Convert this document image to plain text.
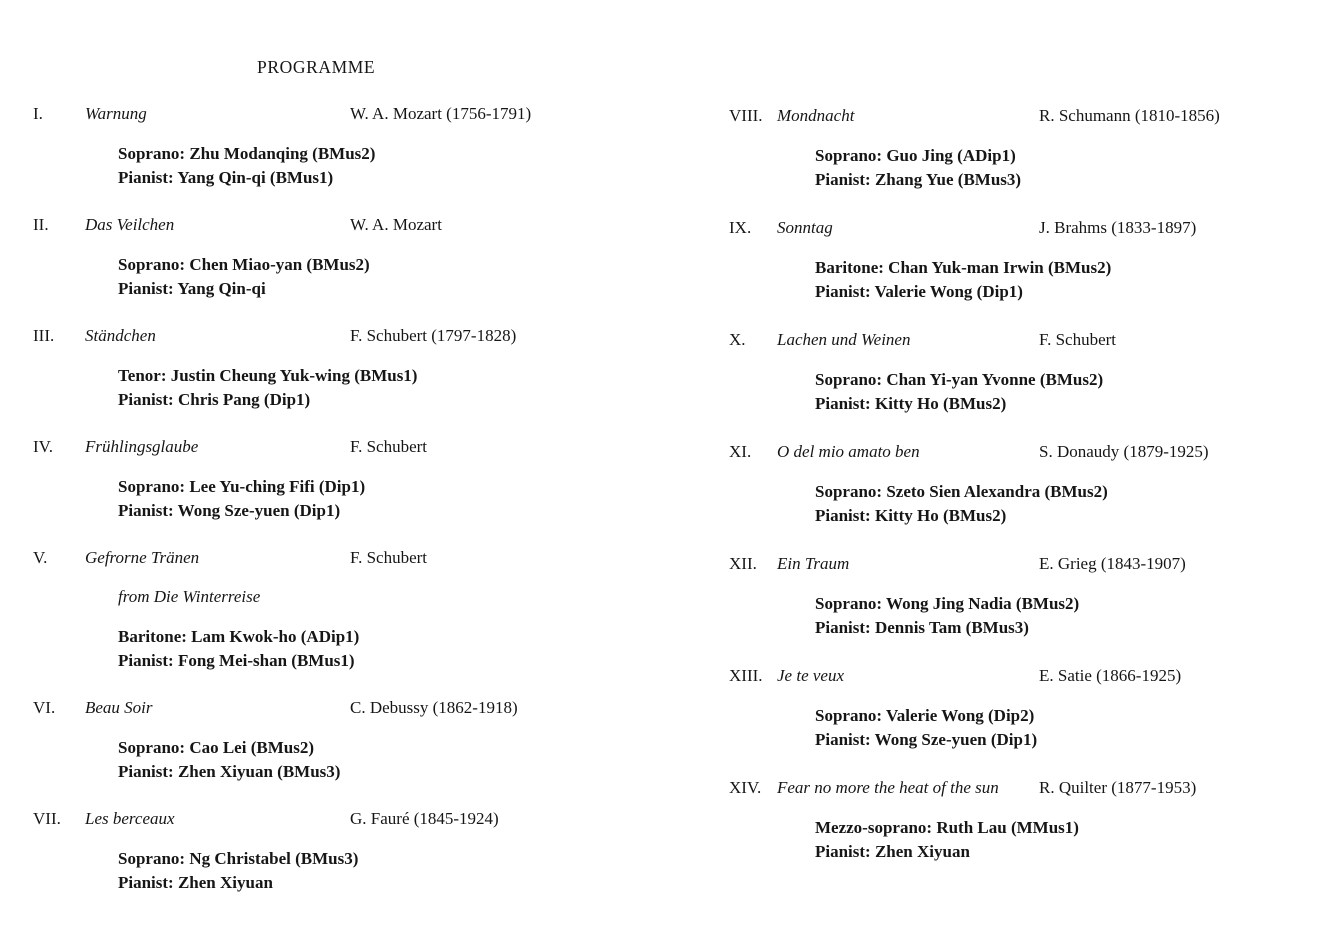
PROGRAMME
I.	Warnung	W. A. Mozart (1756-1791)
Soprano: Zhu Modanqing (BMus2)
Pianist: Yang Qin-qi (BMus1)
II.	Das Veilchen	W. A. Mozart
Soprano: Chen Miao-yan (BMus2)
Pianist: Yang Qin-qi
III.	Ständchen	F. Schubert (1797-1828)
Tenor: Justin Cheung Yuk-wing (BMus1)
Pianist: Chris Pang (Dip1)
IV.	Frühlingsglaube	F. Schubert
Soprano: Lee Yu-ching Fifi (Dip1)
Pianist: Wong Sze-yuen (Dip1)
V.	Gefrorne Tränen	F. Schubert
from Die Winterreise
Baritone: Lam Kwok-ho (ADip1)
Pianist: Fong Mei-shan (BMus1)
VI.	Beau Soir	C. Debussy (1862-1918)
Soprano: Cao Lei (BMus2)
Pianist: Zhen Xiyuan (BMus3)
VII.	Les berceaux	G. Fauré (1845-1924)
Soprano: Ng Christabel (BMus3)
Pianist: Zhen Xiyuan
VIII. Mondnacht	R. Schumann (1810-1856)
Soprano: Guo Jing (ADip1)
Pianist: Zhang Yue (BMus3)
IX.	Sonntag	J. Brahms (1833-1897)
Baritone: Chan Yuk-man Irwin (BMus2)
Pianist: Valerie Wong (Dip1)
X.	Lachen und Weinen	F. Schubert
Soprano: Chan Yi-yan Yvonne (BMus2)
Pianist: Kitty Ho (BMus2)
XI.	O del mio amato ben	S. Donaudy (1879-1925)
Soprano: Szeto Sien Alexandra (BMus2)
Pianist: Kitty Ho (BMus2)
XII.	Ein Traum	E. Grieg (1843-1907)
Soprano: Wong Jing Nadia (BMus2)
Pianist: Dennis Tam (BMus3)
XIII. Je te veux	E. Satie (1866-1925)
Soprano: Valerie Wong (Dip2)
Pianist: Wong Sze-yuen (Dip1)
XIV. Fear no more the heat of the sun	R. Quilter (1877-1953)
Mezzo-soprano: Ruth Lau (MMus1)
Pianist: Zhen Xiyuan
